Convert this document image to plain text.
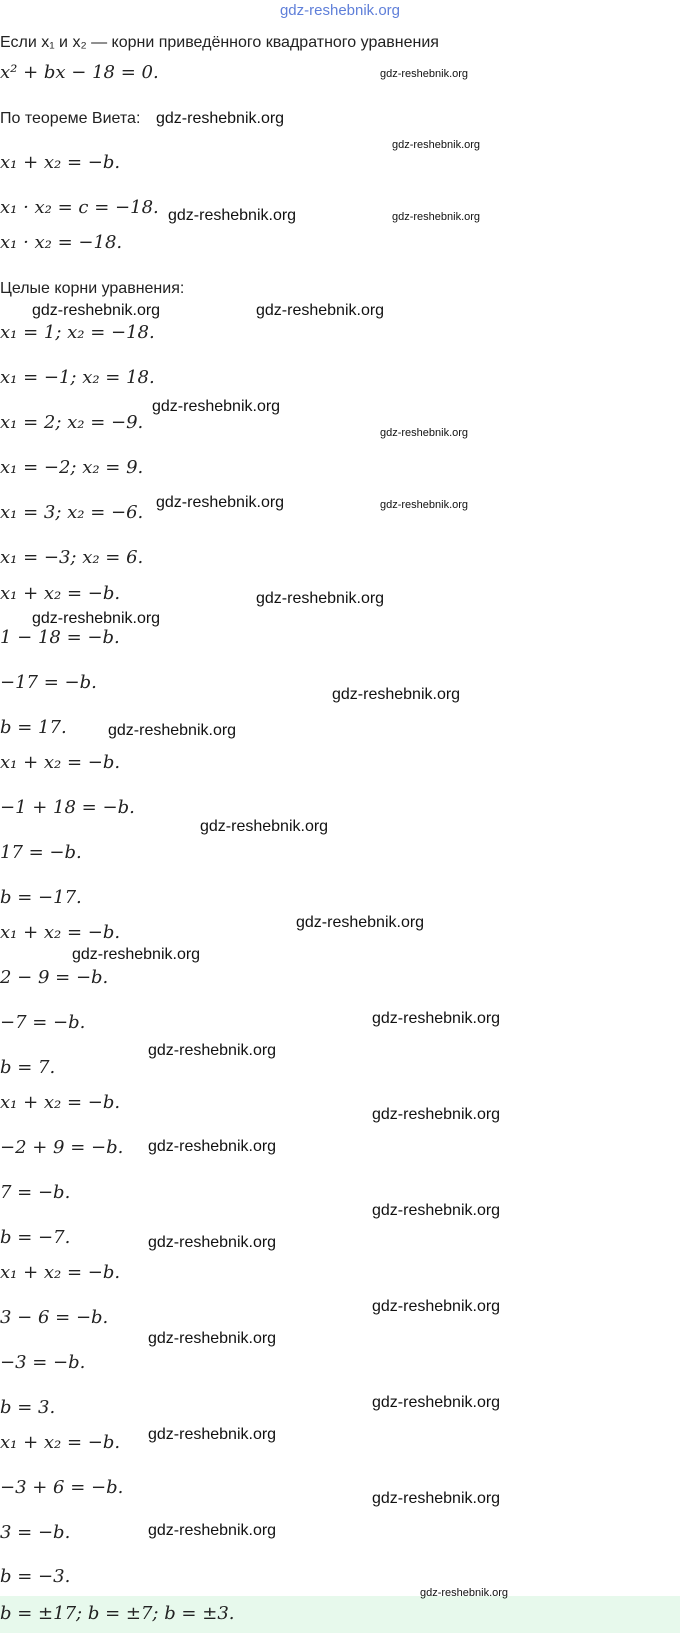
gdz-reshebnik.org
Если x₁ и x₂ — корни приведённого квадратного уравнения
x² + bx − 18 = 0.
По теореме Виета:
x₁ + x₂ = −b.
x₁ · x₂ = c = −18.
x₁ · x₂ = −18.
Целые корни уравнения:
x₁ = 1; x₂ = −18.
x₁ = −1; x₂ = 18.
x₁ = 2; x₂ = −9.
x₁ = −2; x₂ = 9.
x₁ = 3; x₂ = −6.
x₁ = −3; x₂ = 6.
x₁ + x₂ = −b.
1 − 18 = −b.
−17 = −b.
b = 17.
x₁ + x₂ = −b.
−1 + 18 = −b.
17 = −b.
b = −17.
x₁ + x₂ = −b.
2 − 9 = −b.
−7 = −b.
b = 7.
x₁ + x₂ = −b.
−2 + 9 = −b.
7 = −b.
b = −7.
x₁ + x₂ = −b.
3 − 6 = −b.
−3 = −b.
b = 3.
x₁ + x₂ = −b.
−3 + 6 = −b.
3 = −b.
b = −3.
b = ±17; b = ±7; b = ±3.
gdz-reshebnik.org
gdz-reshebnik.org
gdz-reshebnik.org
gdz-reshebnik.org	gdz-reshebnik.org
gdz-reshebnik.org	gdz-reshebnik.org
gdz-reshebnik.org
gdz-reshebnik.org
gdz-reshebnik.org	gdz-reshebnik.org
gdz-reshebnik.org
gdz-reshebnik.org
gdz-reshebnik.org
gdz-reshebnik.org
gdz-reshebnik.org
gdz-reshebnik.org
gdz-reshebnik.org
gdz-reshebnik.org
gdz-reshebnik.org
gdz-reshebnik.org
gdz-reshebnik.org
gdz-reshebnik.org
gdz-reshebnik.org
gdz-reshebnik.org
gdz-reshebnik.org
gdz-reshebnik.org
gdz-reshebnik.org
gdz-reshebnik.org
gdz-reshebnik.org
gdz-reshebnik.org
